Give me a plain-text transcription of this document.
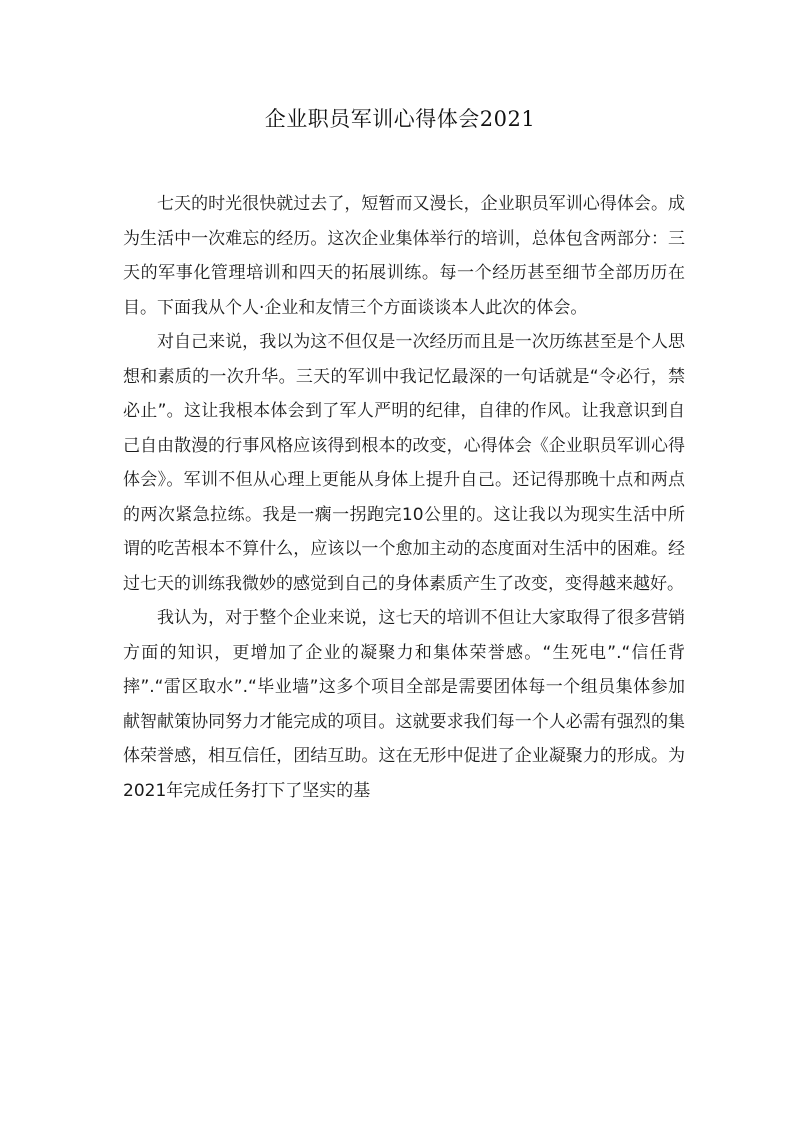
企业职员军训心得体会2021

七天的时光很快就过去了，短暂而又漫长，企业职员军训心得体会。成为生活中一次难忘的经历。这次企业集体举行的培训，总体包含两部分：三天的军事化管理培训和四天的拓展训练。每一个经历甚至细节全部历历在目。下面我从个人·企业和友情三个方面谈谈本人此次的体会。

对自己来说，我以为这不但仅是一次经历而且是一次历练甚至是个人思想和素质的一次升华。三天的军训中我记忆最深的一句话就是“令必行，禁必止”。这让我根本体会到了军人严明的纪律，自律的作风。让我意识到自己自由散漫的行事风格应该得到根本的改变，心得体会《企业职员军训心得体会》。军训不但从心理上更能从身体上提升自己。还记得那晚十点和两点的两次紧急拉练。我是一瘸一拐跑完10公里的。这让我以为现实生活中所谓的吃苦根本不算什么，应该以一个愈加主动的态度面对生活中的困难。经过七天的训练我微妙的感觉到自己的身体素质产生了改变，变得越来越好。

我认为，对于整个企业来说，这七天的培训不但让大家取得了很多营销方面的知识，更增加了企业的凝聚力和集体荣誉感。“生死电”.“信任背摔”.“雷区取水”.“毕业墙”这多个项目全部是需要团体每一个组员集体参加献智献策协同努力才能完成的项目。这就要求我们每一个人必需有强烈的集体荣誉感，相互信任，团结互助。这在无形中促进了企业凝聚力的形成。为2021年完成任务打下了坚实的基
